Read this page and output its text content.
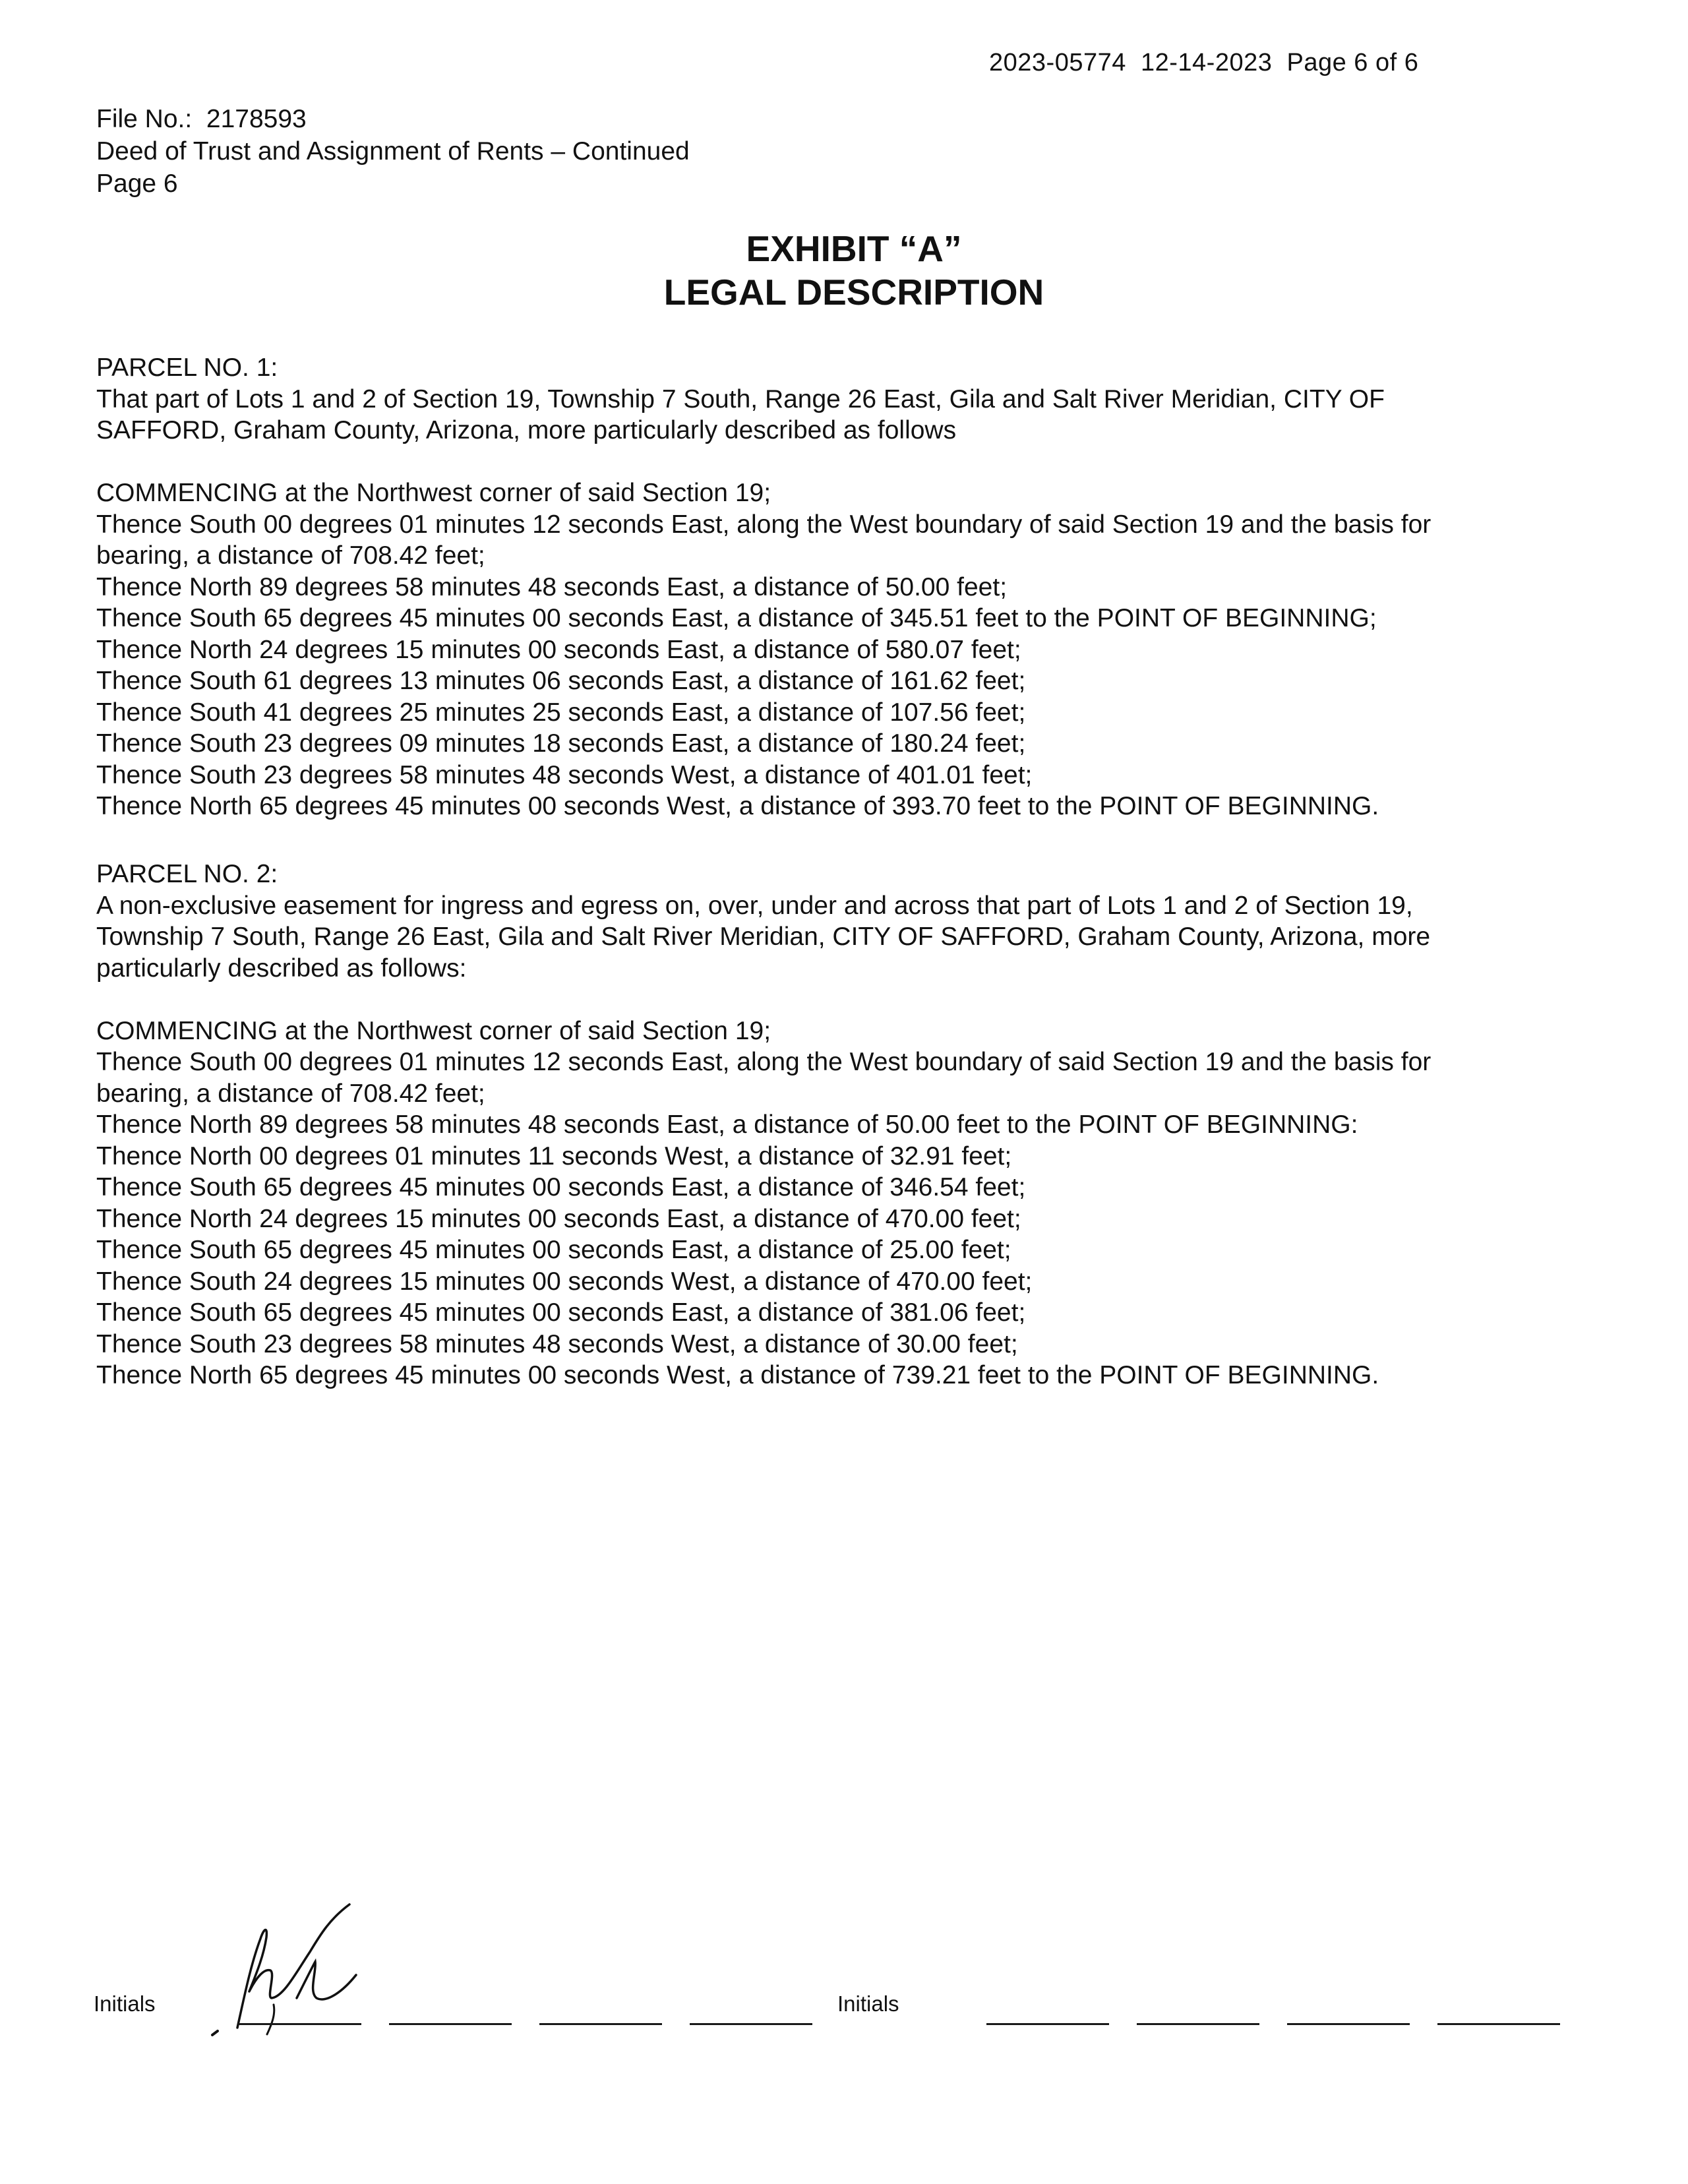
2023-05774  12-14-2023  Page 6 of 6
File No.:  2178593
Deed of Trust and Assignment of Rents – Continued
Page 6
EXHIBIT “A”
LEGAL DESCRIPTION
PARCEL NO. 1:
That part of Lots 1 and 2 of Section 19, Township 7 South, Range 26 East, Gila and Salt River Meridian, CITY OF
SAFFORD, Graham County, Arizona, more particularly described as follows
COMMENCING at the Northwest corner of said Section 19;
Thence South 00 degrees 01 minutes 12 seconds East, along the West boundary of said Section 19 and the basis for
bearing, a distance of 708.42 feet;
Thence North 89 degrees 58 minutes 48 seconds East, a distance of 50.00 feet;
Thence South 65 degrees 45 minutes 00 seconds East, a distance of 345.51 feet to the POINT OF BEGINNING;
Thence North 24 degrees 15 minutes 00 seconds East, a distance of 580.07 feet;
Thence South 61 degrees 13 minutes 06 seconds East, a distance of 161.62 feet;
Thence South 41 degrees 25 minutes 25 seconds East, a distance of 107.56 feet;
Thence South 23 degrees 09 minutes 18 seconds East, a distance of 180.24 feet;
Thence South 23 degrees 58 minutes 48 seconds West, a distance of 401.01 feet;
Thence North 65 degrees 45 minutes 00 seconds West, a distance of 393.70 feet to the POINT OF BEGINNING.
PARCEL NO. 2:
A non-exclusive easement for ingress and egress on, over, under and across that part of Lots 1 and 2 of Section 19,
Township 7 South, Range 26 East, Gila and Salt River Meridian, CITY OF SAFFORD, Graham County, Arizona, more
particularly described as follows:
COMMENCING at the Northwest corner of said Section 19;
Thence South 00 degrees 01 minutes 12 seconds East, along the West boundary of said Section 19 and the basis for
bearing, a distance of 708.42 feet;
Thence North 89 degrees 58 minutes 48 seconds East, a distance of 50.00 feet to the POINT OF BEGINNING:
Thence North 00 degrees 01 minutes 11 seconds West, a distance of 32.91 feet;
Thence South 65 degrees 45 minutes 00 seconds East, a distance of 346.54 feet;
Thence North 24 degrees 15 minutes 00 seconds East, a distance of 470.00 feet;
Thence South 65 degrees 45 minutes 00 seconds East, a distance of 25.00 feet;
Thence South 24 degrees 15 minutes 00 seconds West, a distance of 470.00 feet;
Thence South 65 degrees 45 minutes 00 seconds East, a distance of 381.06 feet;
Thence South 23 degrees 58 minutes 48 seconds West, a distance of 30.00 feet;
Thence North 65 degrees 45 minutes 00 seconds West, a distance of 739.21 feet to the POINT OF BEGINNING.
Initials	Initials
